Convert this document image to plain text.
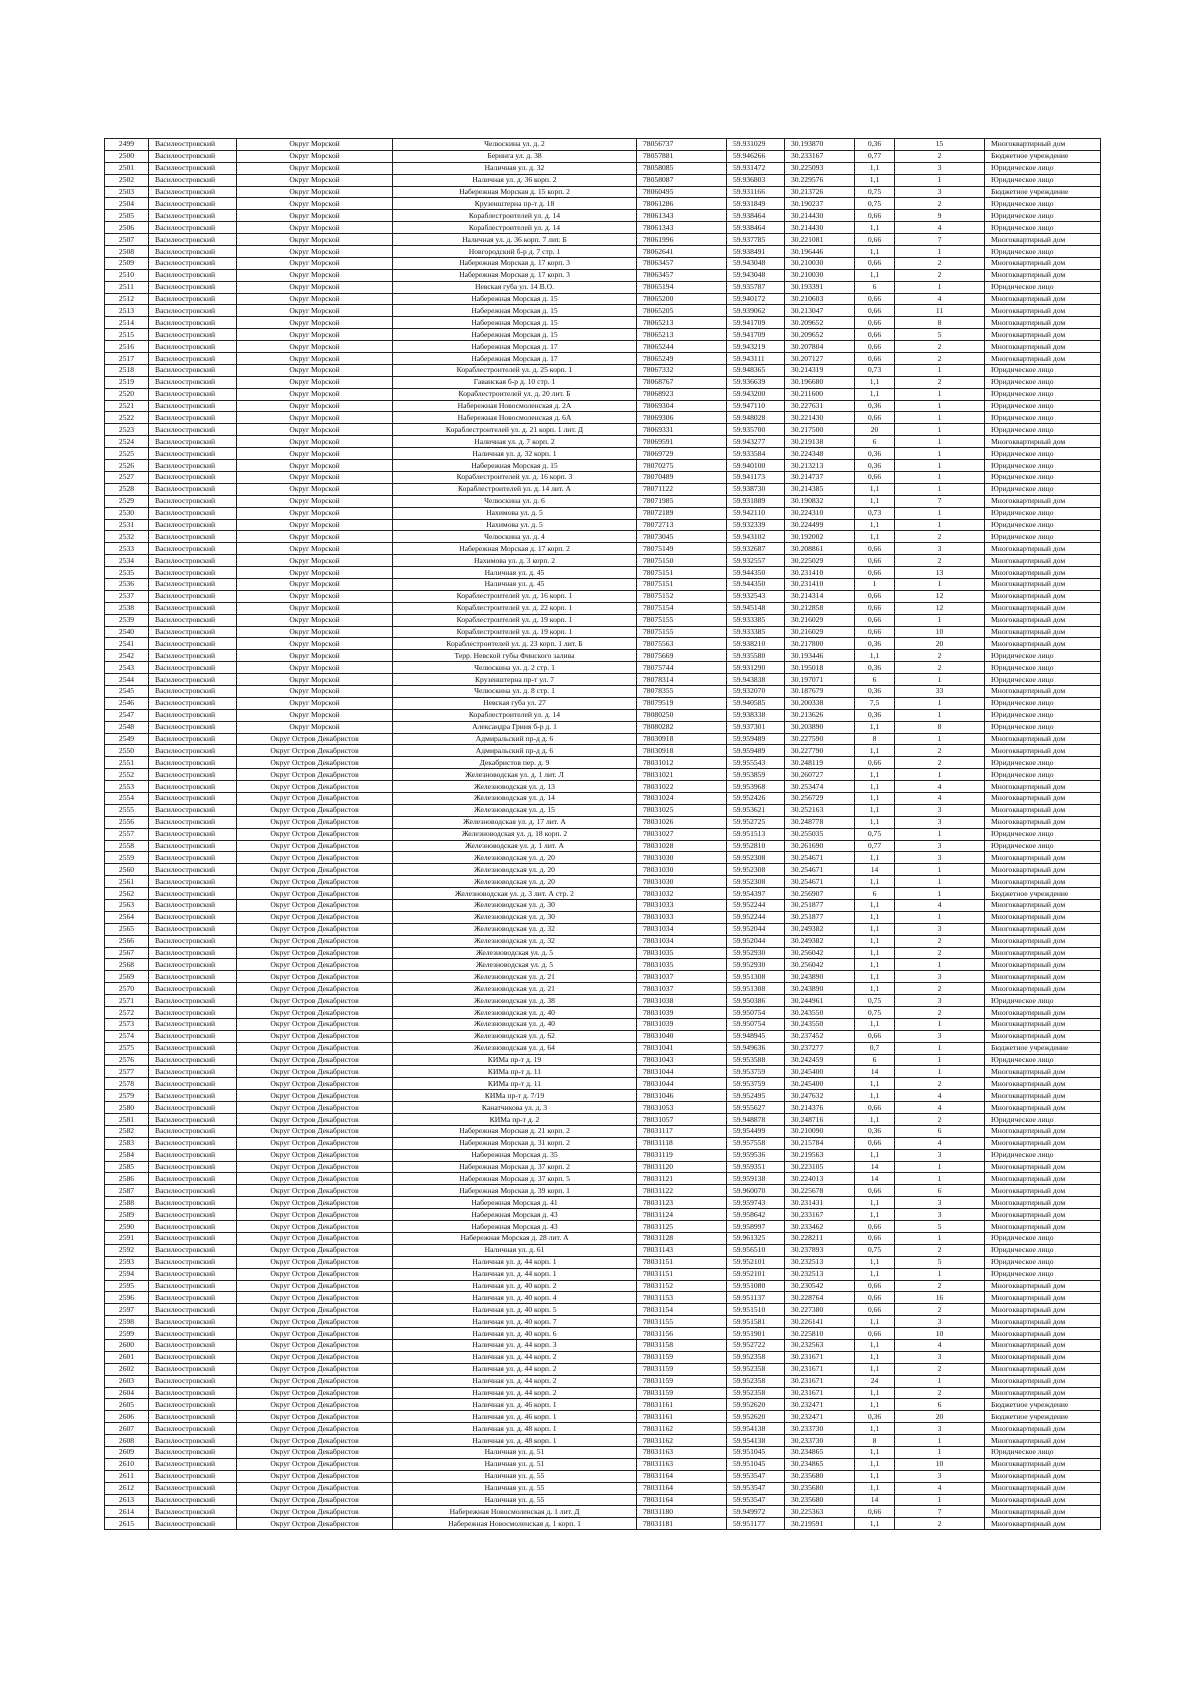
2499	Василеостровский	Округ Морской	Челюскина ул. д. 2	78056737	59.931029	30.193870	0,36	15	Многоквартирный дом
2500	Василеостровский	Округ Морской	Беринга ул. д. 38	78057881	59.946266	30.233167	0,77	2	Бюджетное учреждение
2501	Василеостровский	Округ Морской	Наличная ул. д. 32	78058085	59.931472	30.225093	1,1	3	Юридическое лицо
2502	Василеостровский	Округ Морской	Наличная ул. д. 36 корп. 2	78058087	59.936803	30.229576	1,1	1	Юридическое лицо
2503	Василеостровский	Округ Морской	Набережная Морская д. 15 корп. 2	78060495	59.931166	30.213726	0,75	3	Бюджетное учреждение
2504	Василеостровский	Округ Морской	Крузенштерна пр-т д. 18	78061286	59.931849	30.190237	0,75	2	Юридическое лицо
2505	Василеостровский	Округ Морской	Кораблестроителей ул. д. 14	78061343	59.938464	30.214430	0,66	9	Юридическое лицо
2506	Василеостровский	Округ Морской	Кораблестроителей ул. д. 14	78061343	59.938464	30.214430	1,1	4	Юридическое лицо
2507	Василеостровский	Округ Морской	Наличная ул. д. 36 корп. 7 лит. Б	78061996	59.937785	30.221081	0,66	7	Многоквартирный дом
2508	Василеостровский	Округ Морской	Новгородский б-р д. 7 стр. 1	78062641	59.938491	30.196446	1,1	1	Юридическое лицо
2509	Василеостровский	Округ Морской	Набережная Морская д. 17 корп. 3	78063457	59.943048	30.210030	0,66	2	Многоквартирный дом
2510	Василеостровский	Округ Морской	Набережная Морская д. 17 корп. 3	78063457	59.943048	30.210030	1,1	2	Многоквартирный дом
2511	Василеостровский	Округ Морской	Невская губа ул. 14 В.О.	78065194	59.935787	30.193391	6	1	Юридическое лицо
2512	Василеостровский	Округ Морской	Набережная Морская д. 15	78065200	59.940172	30.210603	0,66	4	Многоквартирный дом
2513	Василеостровский	Округ Морской	Набережная Морская д. 15	78065205	59.939062	30.213047	0,66	11	Многоквартирный дом
2514	Василеостровский	Округ Морской	Набережная Морская д. 15	78065213	59.941709	30.209652	0,66	8	Многоквартирный дом
2515	Василеостровский	Округ Морской	Набережная Морская д. 15	78065213	59.941709	30.209652	0,66	5	Многоквартирный дом
2516	Василеостровский	Округ Морской	Набережная Морская д. 17	78065244	59.943219	30.207804	0,66	2	Многоквартирный дом
2517	Василеостровский	Округ Морской	Набережная Морская д. 17	78065249	59.943111	30.207127	0,66	2	Многоквартирный дом
2518	Василеостровский	Округ Морской	Кораблестроителей ул. д. 25 корп. 1	78067332	59.948365	30.214319	0,73	1	Юридическое лицо
2519	Василеостровский	Округ Морской	Гаванская б-р д. 10 стр. 1	78068767	59.936639	30.196680	1,1	2	Юридическое лицо
2520	Василеостровский	Округ Морской	Кораблестроителей ул. д. 20 лит. Б	78068923	59.943200	30.211600	1,1	1	Юридическое лицо
2521	Василеостровский	Округ Морской	Набережная Новосмоленская д. 2А	78069304	59.947110	30.227631	0,36	1	Юридическое лицо
2522	Василеостровский	Округ Морской	Набережная Новосмоленская д. 6А	78069306	59.948028	30.221430	0,66	1	Юридическое лицо
2523	Василеостровский	Округ Морской	Кораблестроителей ул. д. 21 корп. 1 лит. Д	78069331	59.935700	30.217500	20	1	Юридическое лицо
2524	Василеостровский	Округ Морской	Наличная ул. д. 7 корп. 2	78069591	59.943277	30.219138	6	1	Многоквартирный дом
2525	Василеостровский	Округ Морской	Наличная ул. д. 32 корп. 1	78069729	59.933584	30.224348	0,36	1	Юридическое лицо
2526	Василеостровский	Округ Морской	Набережная Морская д. 15	78070275	59.940100	30.213213	0,36	1	Юридическое лицо
2527	Василеостровский	Округ Морской	Кораблестроителей ул. д. 16 корп. 3	78070489	59.941173	30.214737	0,66	1	Юридическое лицо
2528	Василеостровский	Округ Морской	Кораблестроителей ул. д. 14 лит. А	78071122	59.938730	30.214385	1,1	1	Юридическое лицо
2529	Василеостровский	Округ Морской	Челюскина ул. д. 6	78071985	59.931889	30.190832	1,1	7	Многоквартирный дом
2530	Василеостровский	Округ Морской	Нахимова ул. д. 5	78072189	59.942110	30.224310	0,73	1	Юридическое лицо
2531	Василеостровский	Округ Морской	Нахимова ул. д. 5	78072713	59.932339	30.224499	1,1	1	Юридическое лицо
2532	Василеостровский	Округ Морской	Челюскина ул. д. 4	78073045	59.943102	30.192002	1,1	2	Юридическое лицо
2533	Василеостровский	Округ Морской	Набережная Морская д. 17 корп. 2	78075149	59.932687	30.208861	0,66	3	Многоквартирный дом
2534	Василеостровский	Округ Морской	Нахимова ул. д. 3 корп. 2	78075150	59.932557	30.225029	0,66	2	Многоквартирный дом
2535	Василеостровский	Округ Морской	Наличная ул. д. 45	78075151	59.944350	30.231410	0,66	13	Многоквартирный дом
2536	Василеостровский	Округ Морской	Наличная ул. д. 45	78075151	59.944350	30.231410	1	1	Многоквартирный дом
2537	Василеостровский	Округ Морской	Кораблестроителей ул. д. 16 корп. 1	78075152	59.932543	30.214314	0,66	12	Многоквартирный дом
2538	Василеостровский	Округ Морской	Кораблестроителей ул. д. 22 корп. 1	78075154	59.945148	30.212858	0,66	12	Многоквартирный дом
2539	Василеостровский	Округ Морской	Кораблестроителей ул. д. 19 корп. 1	78075155	59.933385	30.216029	0,66	1	Многоквартирный дом
2540	Василеостровский	Округ Морской	Кораблестроителей ул. д. 19 корп. 1	78075155	59.933385	30.216029	0,66	10	Многоквартирный дом
2541	Василеостровский	Округ Морской	Кораблестроителей ул. д. 23 корп. 1 лит. Б	78075563	59.938210	30.217800	0,36	20	Многоквартирный дом
2542	Василеостровский	Округ Морской	Терр. Невской губы Финского залива	78075669	59.935580	30.193446	1,1	2	Юридическое лицо
2543	Василеостровский	Округ Морской	Челюскина ул. д. 2 стр. 1	78075744	59.931290	30.195018	0,36	2	Юридическое лицо
2544	Василеостровский	Округ Морской	Крузенштерна пр-т ул. 7	78078314	59.943838	30.197071	6	1	Юридическое лицо
2545	Василеостровский	Округ Морской	Челюскина ул. д. 8 стр. 1	78078355	59.932070	30.187679	0,36	33	Многоквартирный дом
2546	Василеостровский	Округ Морской	Невская губа ул. 27	78079519	59.940585	30.200338	7,5	1	Юридическое лицо
2547	Василеостровский	Округ Морской	Кораблестроителей ул. д. 14	78080250	59.938338	30.213626	0,36	1	Юридическое лицо
2548	Василеостровский	Округ Морской	Александра Гриня б-р д. 1	78080282	59.937301	30.203890	1,1	8	Юридическое лицо
2549	Василеостровский	Округ Остров Декабристов	Адмиральский пр-д д. 6	78030918	59.959489	30.227590	8	1	Многоквартирный дом
2550	Василеостровский	Округ Остров Декабристов	Адмиральский пр-д д. 6	78030918	59.959489	30.227790	1,1	2	Многоквартирный дом
2551	Василеостровский	Округ Остров Декабристов	Декабристов пер. д. 9	78031012	59.955543	30.248119	0,66	2	Юридическое лицо
2552	Василеостровский	Округ Остров Декабристов	Железноводская ул. д. 1 лит. Л	78031021	59.953859	30.260727	1,1	1	Юридическое лицо
2553	Василеостровский	Округ Остров Декабристов	Железноводская ул. д. 13	78031022	59.953968	30.253474	1,1	4	Многоквартирный дом
2554	Василеостровский	Округ Остров Декабристов	Железноводская ул. д. 14	78031024	59.952426	30.256729	1,1	4	Многоквартирный дом
2555	Василеостровский	Округ Остров Декабристов	Железноводская ул. д. 15	78031025	59.953621	30.252163	1,1	3	Многоквартирный дом
2556	Василеостровский	Округ Остров Декабристов	Железноводская ул. д. 17 лит. А	78031026	59.952725	30.248778	1,1	3	Многоквартирный дом
2557	Василеостровский	Округ Остров Декабристов	Железноводская ул. д. 18 корп. 2	78031027	59.951513	30.255035	0,75	1	Юридическое лицо
2558	Василеостровский	Округ Остров Декабристов	Железноводская ул. д. 1 лит. А	78031028	59.952810	30.261690	0,77	3	Юридическое лицо
2559	Василеостровский	Округ Остров Декабристов	Железноводская ул. д. 20	78031030	59.952308	30.254671	1,1	3	Многоквартирный дом
2560	Василеостровский	Округ Остров Декабристов	Железноводская ул. д. 20	78031030	59.952308	30.254671	14	1	Многоквартирный дом
2561	Василеостровский	Округ Остров Декабристов	Железноводская ул. д. 20	78031030	59.952308	30.254671	1,1	1	Многоквартирный дом
2562	Василеостровский	Округ Остров Декабристов	Железноводская ул. д. 3 лит. А стр. 2	78031032	59.954397	30.256907	6	1	Бюджетное учреждение
2563	Василеостровский	Округ Остров Декабристов	Железноводская ул. д. 30	78031033	59.952244	30.251877	1,1	4	Многоквартирный дом
2564	Василеостровский	Округ Остров Декабристов	Железноводская ул. д. 30	78031033	59.952244	30.251877	1,1	1	Многоквартирный дом
2565	Василеостровский	Округ Остров Декабристов	Железноводская ул. д. 32	78031034	59.952044	30.249382	1,1	3	Многоквартирный дом
2566	Василеостровский	Округ Остров Декабристов	Железноводская ул. д. 32	78031034	59.952044	30.249382	1,1	2	Многоквартирный дом
2567	Василеостровский	Округ Остров Декабристов	Железноводская ул. д. 5	78031035	59.952930	30.256042	1,1	2	Многоквартирный дом
2568	Василеостровский	Округ Остров Декабристов	Железноводская ул. д. 5	78031035	59.952930	30.256042	1,1	1	Многоквартирный дом
2569	Василеостровский	Округ Остров Декабристов	Железноводская ул. д. 21	78031037	59.951308	30.243890	1,1	3	Многоквартирный дом
2570	Василеостровский	Округ Остров Декабристов	Железноводская ул. д. 21	78031037	59.951308	30.243890	1,1	2	Многоквартирный дом
2571	Василеостровский	Округ Остров Декабристов	Железноводская ул. д. 38	78031038	59.950386	30.244961	0,75	3	Юридическое лицо
2572	Василеостровский	Округ Остров Декабристов	Железноводская ул. д. 40	78031039	59.950754	30.243550	0,75	2	Многоквартирный дом
2573	Василеостровский	Округ Остров Декабристов	Железноводская ул. д. 40	78031039	59.950754	30.243550	1,1	1	Многоквартирный дом
2574	Василеостровский	Округ Остров Декабристов	Железноводская ул. д. 62	78031040	59.948945	30.237452	0,66	3	Многоквартирный дом
2575	Василеостровский	Округ Остров Декабристов	Железноводская ул. д. 64	78031041	59.949636	30.237277	0,7	1	Бюджетное учреждение
2576	Василеостровский	Округ Остров Декабристов	КИМа пр-т д. 19	78031043	59.953588	30.242459	6	1	Юридическое лицо
2577	Василеостровский	Округ Остров Декабристов	КИМа пр-т д. 11	78031044	59.953759	30.245400	14	1	Многоквартирный дом
2578	Василеостровский	Округ Остров Декабристов	КИМа пр-т д. 11	78031044	59.953759	30.245400	1,1	2	Многоквартирный дом
2579	Василеостровский	Округ Остров Декабристов	КИМа пр-т д. 7/19	78031046	59.952495	30.247632	1,1	4	Многоквартирный дом
2580	Василеостровский	Округ Остров Декабристов	Канатчикова ул. д. 3	78031053	59.955627	30.214376	0,66	4	Многоквартирный дом
2581	Василеостровский	Округ Остров Декабристов	КИМа пр-т д. 2	78031057	59.948878	30.248716	1,1	2	Юридическое лицо
2582	Василеостровский	Округ Остров Декабристов	Набережная Морская д. 21 корп. 2	78031117	59.954499	30.210090	0,36	6	Многоквартирный дом
2583	Василеостровский	Округ Остров Декабристов	Набережная Морская д. 31 корп. 2	78031118	59.957558	30.215784	0,66	4	Многоквартирный дом
2584	Василеостровский	Округ Остров Декабристов	Набережная Морская д. 35	78031119	59.959536	30.219563	1,1	3	Юридическое лицо
2585	Василеостровский	Округ Остров Декабристов	Набережная Морская д. 37 корп. 2	78031120	59.959351	30.223105	14	1	Многоквартирный дом
2586	Василеостровский	Округ Остров Декабристов	Набережная Морская д. 37 корп. 5	78031121	59.959138	30.224013	14	1	Многоквартирный дом
2587	Василеостровский	Округ Остров Декабристов	Набережная Морская д. 39 корп. 1	78031122	59.960070	30.225678	0,66	6	Многоквартирный дом
2588	Василеостровский	Округ Остров Декабристов	Набережная Морская д. 41	78031123	59.959743	30.231431	1,1	3	Многоквартирный дом
2589	Василеостровский	Округ Остров Декабристов	Набережная Морская д. 43	78031124	59.958642	30.233167	1,1	3	Многоквартирный дом
2590	Василеостровский	Округ Остров Декабристов	Набережная Морская д. 43	78031125	59.958997	30.233462	0,66	5	Многоквартирный дом
2591	Василеостровский	Округ Остров Декабристов	Набережная Морская д. 28 лит. А	78031128	59.961325	30.228211	0,66	1	Юридическое лицо
2592	Василеостровский	Округ Остров Декабристов	Наличная ул. д. 61	78031143	59.956510	30.237893	0,75	2	Юридическое лицо
2593	Василеостровский	Округ Остров Декабристов	Наличная ул. д. 44 корп. 1	78031151	59.952101	30.232513	1,1	5	Юридическое лицо
2594	Василеостровский	Округ Остров Декабристов	Наличная ул. д. 44 корп. 1	78031151	59.952101	30.232513	1,1	1	Юридическое лицо
2595	Василеостровский	Округ Остров Декабристов	Наличная ул. д. 40 корп. 2	78031152	59.951080	30.230542	0,66	2	Многоквартирный дом
2596	Василеостровский	Округ Остров Декабристов	Наличная ул. д. 40 корп. 4	78031153	59.951137	30.228764	0,66	16	Многоквартирный дом
2597	Василеостровский	Округ Остров Декабристов	Наличная ул. д. 40 корп. 5	78031154	59.951510	30.227380	0,66	2	Многоквартирный дом
2598	Василеостровский	Округ Остров Декабристов	Наличная ул. д. 40 корп. 7	78031155	59.951581	30.226141	1,1	3	Многоквартирный дом
2599	Василеостровский	Округ Остров Декабристов	Наличная ул. д. 40 корп. 6	78031156	59.951901	30.225810	0,66	10	Многоквартирный дом
2600	Василеостровский	Округ Остров Декабристов	Наличная ул. д. 44 корп. 3	78031158	59.952722	30.232563	1,1	4	Многоквартирный дом
2601	Василеостровский	Округ Остров Декабристов	Наличная ул. д. 44 корп. 2	78031159	59.952358	30.231671	1,1	3	Многоквартирный дом
2602	Василеостровский	Округ Остров Декабристов	Наличная ул. д. 44 корп. 2	78031159	59.952358	30.231671	1,1	2	Многоквартирный дом
2603	Василеостровский	Округ Остров Декабристов	Наличная ул. д. 44 корп. 2	78031159	59.952358	30.231671	24	1	Многоквартирный дом
2604	Василеостровский	Округ Остров Декабристов	Наличная ул. д. 44 корп. 2	78031159	59.952358	30.231671	1,1	2	Многоквартирный дом
2605	Василеостровский	Округ Остров Декабристов	Наличная ул. д. 46 корп. 1	78031161	59.952620	30.232471	1,1	6	Бюджетное учреждение
2606	Василеостровский	Округ Остров Декабристов	Наличная ул. д. 46 корп. 1	78031161	59.952620	30.232471	0,36	20	Бюджетное учреждение
2607	Василеостровский	Округ Остров Декабристов	Наличная ул. д. 48 корп. 1	78031162	59.954138	30.233730	1,1	3	Многоквартирный дом
2608	Василеостровский	Округ Остров Декабристов	Наличная ул. д. 48 корп. 1	78031162	59.954138	30.233730	8	1	Многоквартирный дом
2609	Василеостровский	Округ Остров Декабристов	Наличная ул. д. 51	78031163	59.951045	30.234865	1,1	1	Юридическое лицо
2610	Василеостровский	Округ Остров Декабристов	Наличная ул. д. 51	78031163	59.951045	30.234865	1,1	10	Многоквартирный дом
2611	Василеостровский	Округ Остров Декабристов	Наличная ул. д. 55	78031164	59.953547	30.235680	1,1	3	Многоквартирный дом
2612	Василеостровский	Округ Остров Декабристов	Наличная ул. д. 55	78031164	59.953547	30.235680	1,1	4	Многоквартирный дом
2613	Василеостровский	Округ Остров Декабристов	Наличная ул. д. 55	78031164	59.953547	30.235680	14	1	Многоквартирный дом
2614	Василеостровский	Округ Остров Декабристов	Набережная Новосмоленская д. 1 лит. Д	78031180	59.949972	30.225363	0,66	7	Многоквартирный дом
2615	Василеостровский	Округ Остров Декабристов	Набережная Новосмоленская д. 1 корп. 1	78031181	59.951177	30.219591	1,1	2	Многоквартирный дом
